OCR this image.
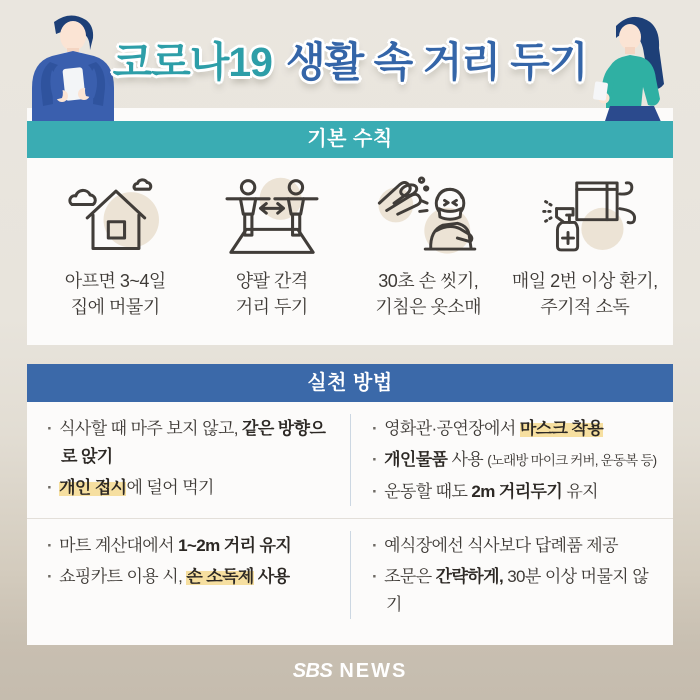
코로나19 생활 속 거리 두기
아프면 3~4일
집에 머물기
양팔 간격
거리 두기
30초 손 씻기,
기침은 옷소매
매일 2번 이상 환기,
주기적 소독
기본 수칙
실천 방법
· 식사할 때 마주 보지 않고, 같은 방향으로 앉기
· 개인 접시에 덜어 먹기
· 영화관·공연장에서 마스크 착용
· 개인물품 사용 (노래방 마이크 커버, 운동복 등)
· 운동할 때도 2m 거리두기 유지
· 마트 계산대에서 1~2m 거리 유지
· 쇼핑카트 이용 시, 손 소독제 사용
· 예식장에선 식사보다 답례품 제공
· 조문은 간략하게, 30분 이상 머물지 않기
SBS NEWS
